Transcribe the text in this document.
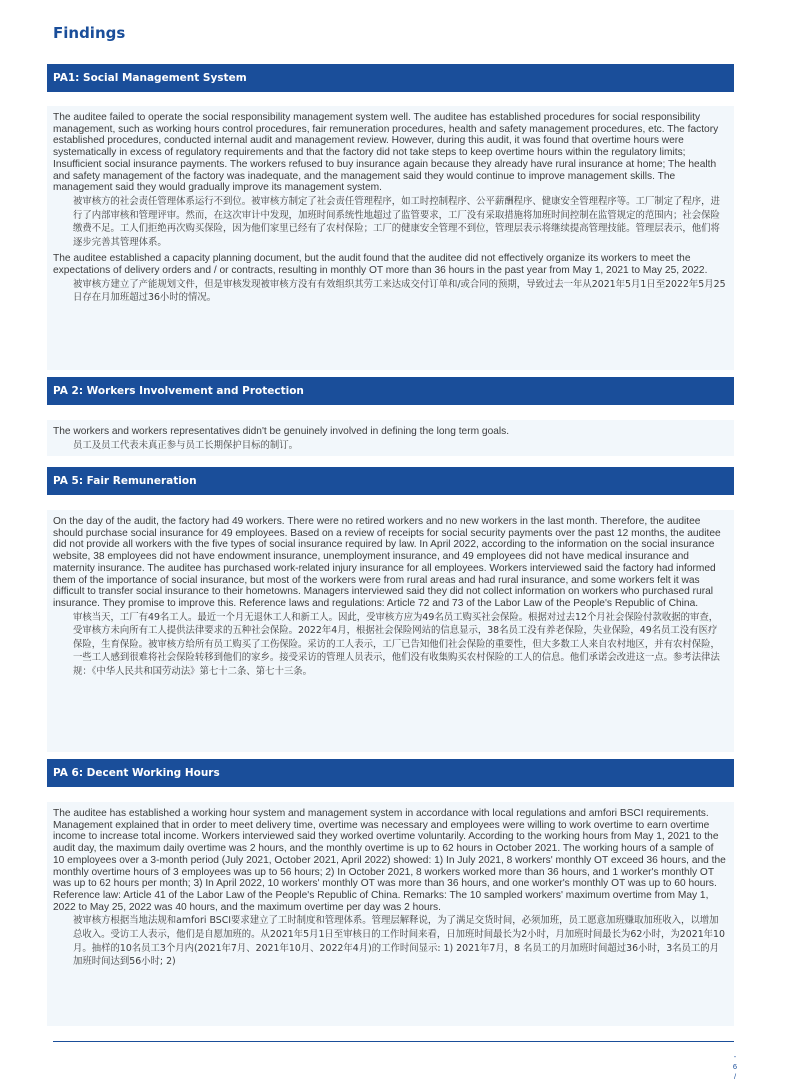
Findings
PA1: Social Management System

The auditee failed to operate the social responsibility management system well. The auditee has established procedures for social responsibility management, such as working hours control procedures, fair remuneration procedures, health and safety management procedures, etc. The factory established procedures, conducted internal audit and management review. However, during this audit, it was found that overtime hours were systematically in excess of regulatory requirements and that the factory did not take steps to keep overtime hours within the regulatory limits; Insufficient social insurance payments. The workers refused to buy insurance again because they already have rural insurance at home; The health and safety management of the factory was inadequate, and the management said they would continue to improve management skills. The management said they would gradually improve its management system.

被审核方的社会责任管理体系运行不到位。被审核方制定了社会责任管理程序，如工时控制程序、公平薪酬程序、健康安全管理程序等。工厂制定了程序，进行了内部审核和管理评审。然而，在这次审计中发现，加班时间系统性地超过了监管要求，工厂没有采取措施将加班时间控制在监管规定的范围内；社会保险缴费不足。工人们拒绝再次购买保险，因为他们家里已经有了农村保险；工厂的健康安全管理不到位，管理层表示将继续提高管理技能。管理层表示，他们将逐步完善其管理体系。

The auditee established a capacity planning document, but the audit found that the auditee did not effectively organize its workers to meet the expectations of delivery orders and / or contracts, resulting in monthly OT more than 36 hours in the past year from May 1, 2021 to May 25, 2022.

被审核方建立了产能规划文件，但是审核发现被审核方没有有效组织其劳工来达成交付订单和/或合同的预期，导致过去一年从2021年5月1日至2022年5月25日存在月加班超过36小时的情况。

PA 2: Workers Involvement and Protection

The workers and workers representatives didn't be genuinely involved in defining the long term goals.

员工及员工代表未真正参与员工长期保护目标的制订。

PA 5: Fair Remuneration

On the day of the audit, the factory had 49 workers. There were no retired workers and no new workers in the last month. Therefore, the auditee should purchase social insurance for 49 employees. Based on a review of receipts for social security payments over the past 12 months, the auditee did not provide all workers with the five types of social insurance required by law. In April 2022, according to the information on the social insurance website, 38 employees did not have endowment insurance, unemployment insurance, and 49 employees did not have medical insurance and maternity insurance. The auditee has purchased work-related injury insurance for all employees. Workers interviewed said the factory had informed them of the importance of social insurance, but most of the workers were from rural areas and had rural insurance, and some workers felt it was difficult to transfer social insurance to their hometowns. Managers interviewed said they did not collect information on workers who purchased rural insurance. They promise to improve this. Reference laws and regulations: Article 72 and 73 of the Labor Law of the People's Republic of China.

审核当天，工厂有49名工人。最近一个月无退休工人和新工人。因此，受审核方应为49名员工购买社会保险。根据对过去12个月社会保险付款收据的审查，受审核方未向所有工人提供法律要求的五种社会保险。2022年4月，根据社会保险网站的信息显示，38名员工没有养老保险，失业保险，49名员工没有医疗保险，生育保险。被审核方给所有员工购买了工伤保险。采访的工人表示，工厂已告知他们社会保险的重要性，但大多数工人来自农村地区，并有农村保险，一些工人感到很难将社会保险转移到他们的家乡。接受采访的管理人员表示，他们没有收集购买农村保险的工人的信息。他们承诺会改进这一点。参考法律法规：《中华人民共和国劳动法》第七十二条、第七十三条。

PA 6: Decent Working Hours

The auditee has established a working hour system and management system in accordance with local regulations and amfori BSCI requirements. Management explained that in order to meet delivery time, overtime was necessary and employees were willing to work overtime to earn overtime income to increase total income. Workers interviewed said they worked overtime voluntarily. According to the working hours from May 1, 2021 to the audit day, the maximum daily overtime was 2 hours, and the monthly overtime is up to 62 hours in October 2021. The working hours of a sample of 10 employees over a 3-month period (July 2021, October 2021, April 2022) showed: 1) In July 2021, 8 workers' monthly OT exceed 36 hours, and the monthly overtime hours of 3 employees was up to 56 hours; 2) In October 2021, 8 workers worked more than 36 hours, and 1 worker's monthly OT was up to 62 hours per month; 3) In April 2022, 10 workers' monthly OT was more than 36 hours, and one worker's monthly OT was up to 60 hours. Reference law: Article 41 of the Labor Law of the People's Republic of China. Remarks: The 10 sampled workers' maximum overtime from May 1, 2022 to May 25, 2022 was 40 hours, and the maximum overtime per day was 2 hours.

被审核方根据当地法规和amfori BSCI要求建立了工时制度和管理体系。管理层解释说，为了满足交货时间，必须加班，员工愿意加班赚取加班收入，以增加总收入。受访工人表示，他们是自愿加班的。从2021年5月1日至审核日的工作时间来看，日加班时间最长为2小时，月加班时间最长为62小时，为2021年10月。抽样的10名员工3个月内(2021年7月、2021年10月、2022年4月)的工作时间显示: 1) 2021年7月，8 名员工的月加班时间超过36小时，3名员工的月加班时间达到56小时; 2)

-
6
/
